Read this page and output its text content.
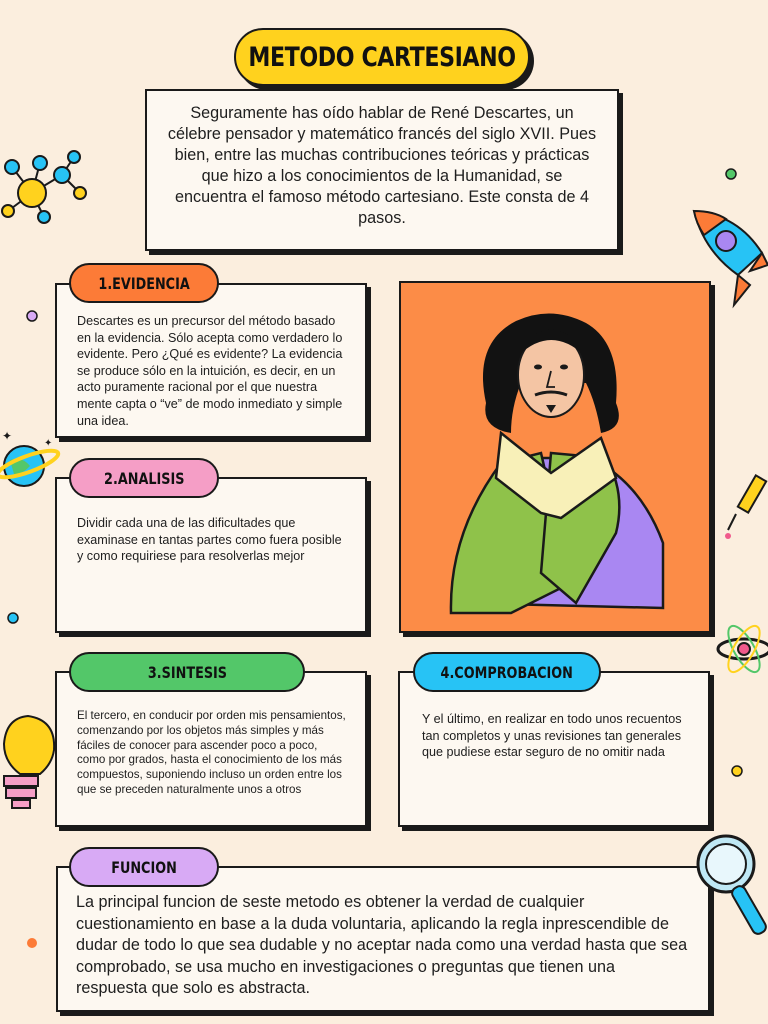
METODO CARTESIANO

Seguramente has oído hablar de René Descartes, un célebre pensador y matemático francés del siglo XVII. Pues bien, entre las muchas contribuciones teóricas y prácticas que hizo a los conocimientos de la Humanidad, se encuentra el famoso método cartesiano. Este consta de 4 pasos.

1.EVIDENCIA

Descartes es un precursor del método basado en la evidencia. Sólo acepta como verdadero lo evidente. Pero ¿Qué es evidente? La evidencia se produce sólo en la intuición, es decir, en un acto puramente racional por el que nuestra mente capta o “ve” de modo inmediato y simple una idea.

2.ANALISIS

Dividir cada una de las dificultades que examinase en tantas partes como fuera posible y como requiriese para resolverlas mejor

3.SINTESIS

El tercero, en conducir por orden mis pensamientos, comenzando por los objetos más simples y más fáciles de conocer para ascender poco a poco, como por grados, hasta el conocimiento de los más compuestos, suponiendo incluso un orden entre los que se preceden naturalmente unos a otros

4.COMPROBACION

Y el último, en realizar en todo unos recuentos tan completos y unas revisiones tan generales que pudiese estar seguro de no omitir nada

FUNCION

La principal funcion de seste metodo es obtener la verdad de cualquier cuestionamiento en base a la duda voluntaria, aplicando la regla inprescendible de dudar de todo lo que sea dudable y no aceptar nada como una verdad hasta que sea comprobado, se usa mucho en investigaciones o preguntas que tienen una respuesta que solo es abstracta.

✦
✦
